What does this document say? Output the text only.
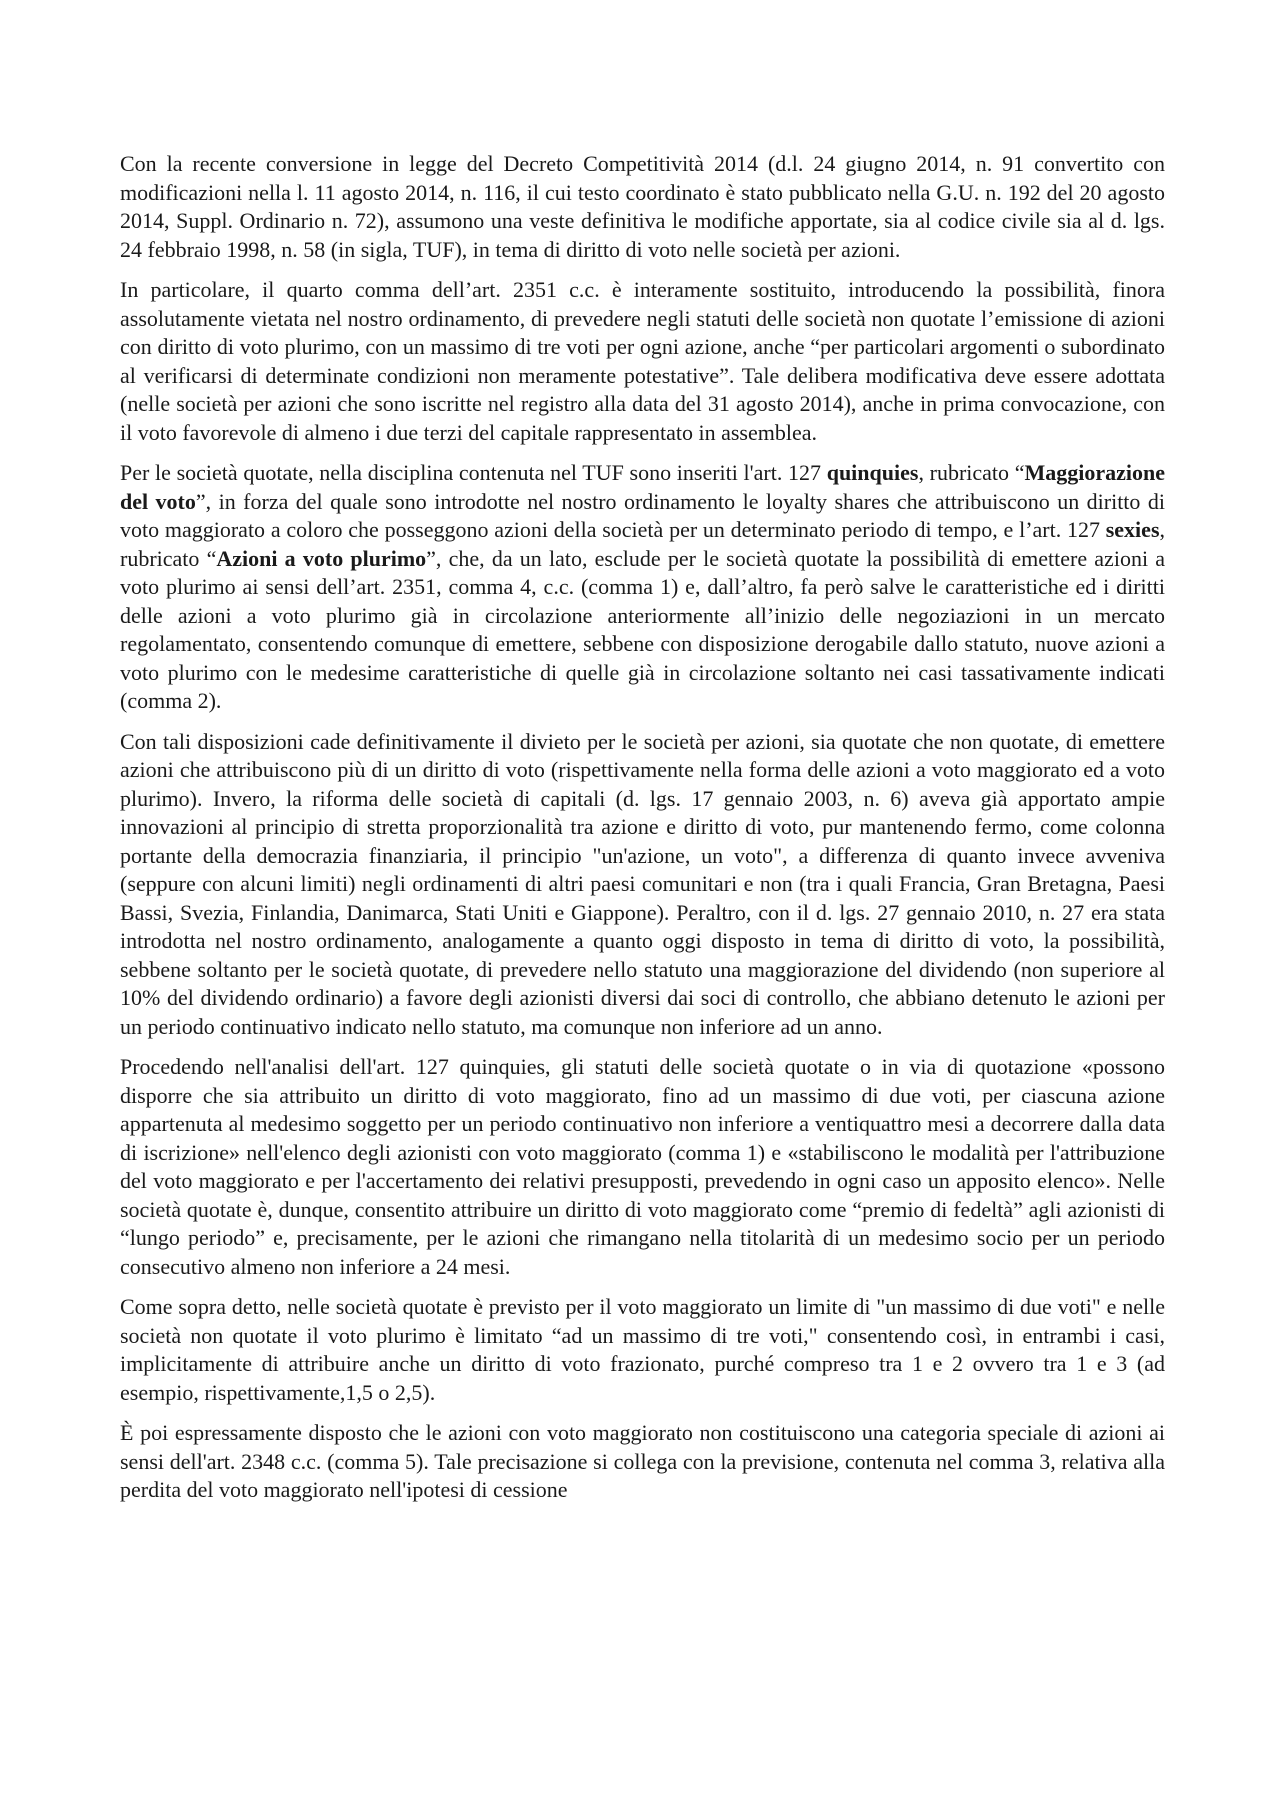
Con la recente conversione in legge del Decreto Competitività 2014 (d.l. 24 giugno 2014, n. 91 convertito con modificazioni nella l. 11 agosto 2014, n. 116, il cui testo coordinato è stato pubblicato nella G.U. n. 192 del 20 agosto 2014, Suppl. Ordinario n. 72), assumono una veste definitiva le modifiche apportate, sia al codice civile sia al d. lgs. 24 febbraio 1998, n. 58 (in sigla, TUF), in tema di diritto di voto nelle società per azioni.

In particolare, il quarto comma dell’art. 2351 c.c. è interamente sostituito, introducendo la possibilità, finora assolutamente vietata nel nostro ordinamento, di prevedere negli statuti delle società non quotate l’emissione di azioni con diritto di voto plurimo, con un massimo di tre voti per ogni azione, anche “per particolari argomenti o subordinato al verificarsi di determinate condizioni non meramente potestative”. Tale delibera modificativa deve essere adottata (nelle società per azioni che sono iscritte nel registro alla data del 31 agosto 2014), anche in prima convocazione, con il voto favorevole di almeno i due terzi del capitale rappresentato in assemblea.

Per le società quotate, nella disciplina contenuta nel TUF sono inseriti l'art. 127 quinquies, rubricato “Maggiorazione del voto”, in forza del quale sono introdotte nel nostro ordinamento le loyalty shares che attribuiscono un diritto di voto maggiorato a coloro che posseggono azioni della società per un determinato periodo di tempo, e l’art. 127 sexies, rubricato “Azioni a voto plurimo”, che, da un lato, esclude per le società quotate la possibilità di emettere azioni a voto plurimo ai sensi dell’art. 2351, comma 4, c.c. (comma 1) e, dall’altro, fa però salve le caratteristiche ed i diritti delle azioni a voto plurimo già in circolazione anteriormente all’inizio delle negoziazioni in un mercato regolamentato, consentendo comunque di emettere, sebbene con disposizione derogabile dallo statuto, nuove azioni a voto plurimo con le medesime caratteristiche di quelle già in circolazione soltanto nei casi tassativamente indicati (comma 2).

Con tali disposizioni cade definitivamente il divieto per le società per azioni, sia quotate che non quotate, di emettere azioni che attribuiscono più di un diritto di voto (rispettivamente nella forma delle azioni a voto maggiorato ed a voto plurimo). Invero, la riforma delle società di capitali (d. lgs. 17 gennaio 2003, n. 6) aveva già apportato ampie innovazioni al principio di stretta proporzionalità tra azione e diritto di voto, pur mantenendo fermo, come colonna portante della democrazia finanziaria, il principio "un'azione, un voto", a differenza di quanto invece avveniva (seppure con alcuni limiti) negli ordinamenti di altri paesi comunitari e non (tra i quali Francia, Gran Bretagna, Paesi Bassi, Svezia, Finlandia, Danimarca, Stati Uniti e Giappone). Peraltro, con il d. lgs. 27 gennaio 2010, n. 27 era stata introdotta nel nostro ordinamento, analogamente a quanto oggi disposto in tema di diritto di voto, la possibilità, sebbene soltanto per le società quotate, di prevedere nello statuto una maggiorazione del dividendo (non superiore al 10% del dividendo ordinario) a favore degli azionisti diversi dai soci di controllo, che abbiano detenuto le azioni per un periodo continuativo indicato nello statuto, ma comunque non inferiore ad un anno.

Procedendo nell'analisi dell'art. 127 quinquies, gli statuti delle società quotate o in via di quotazione «possono disporre che sia attribuito un diritto di voto maggiorato, fino ad un massimo di due voti, per ciascuna azione appartenuta al medesimo soggetto per un periodo continuativo non inferiore a ventiquattro mesi a decorrere dalla data di iscrizione» nell'elenco degli azionisti con voto maggiorato (comma 1) e «stabiliscono le modalità per l'attribuzione del voto maggiorato e per l'accertamento dei relativi presupposti, prevedendo in ogni caso un apposito elenco». Nelle società quotate è, dunque, consentito attribuire un diritto di voto maggiorato come “premio di fedeltà” agli azionisti di “lungo periodo” e, precisamente, per le azioni che rimangano nella titolarità di un medesimo socio per un periodo consecutivo almeno non inferiore a 24 mesi.

Come sopra detto, nelle società quotate è previsto per il voto maggiorato un limite di "un massimo di due voti" e nelle società non quotate il voto plurimo è limitato “ad un massimo di tre voti," consentendo così, in entrambi i casi, implicitamente di attribuire anche un diritto di voto frazionato, purché compreso tra 1 e 2 ovvero tra 1 e 3 (ad esempio, rispettivamente,1,5 o 2,5).

È poi espressamente disposto che le azioni con voto maggiorato non costituiscono una categoria speciale di azioni ai sensi dell'art. 2348 c.c. (comma 5). Tale precisazione si collega con la previsione, contenuta nel comma 3, relativa alla perdita del voto maggiorato nell'ipotesi di cessione
